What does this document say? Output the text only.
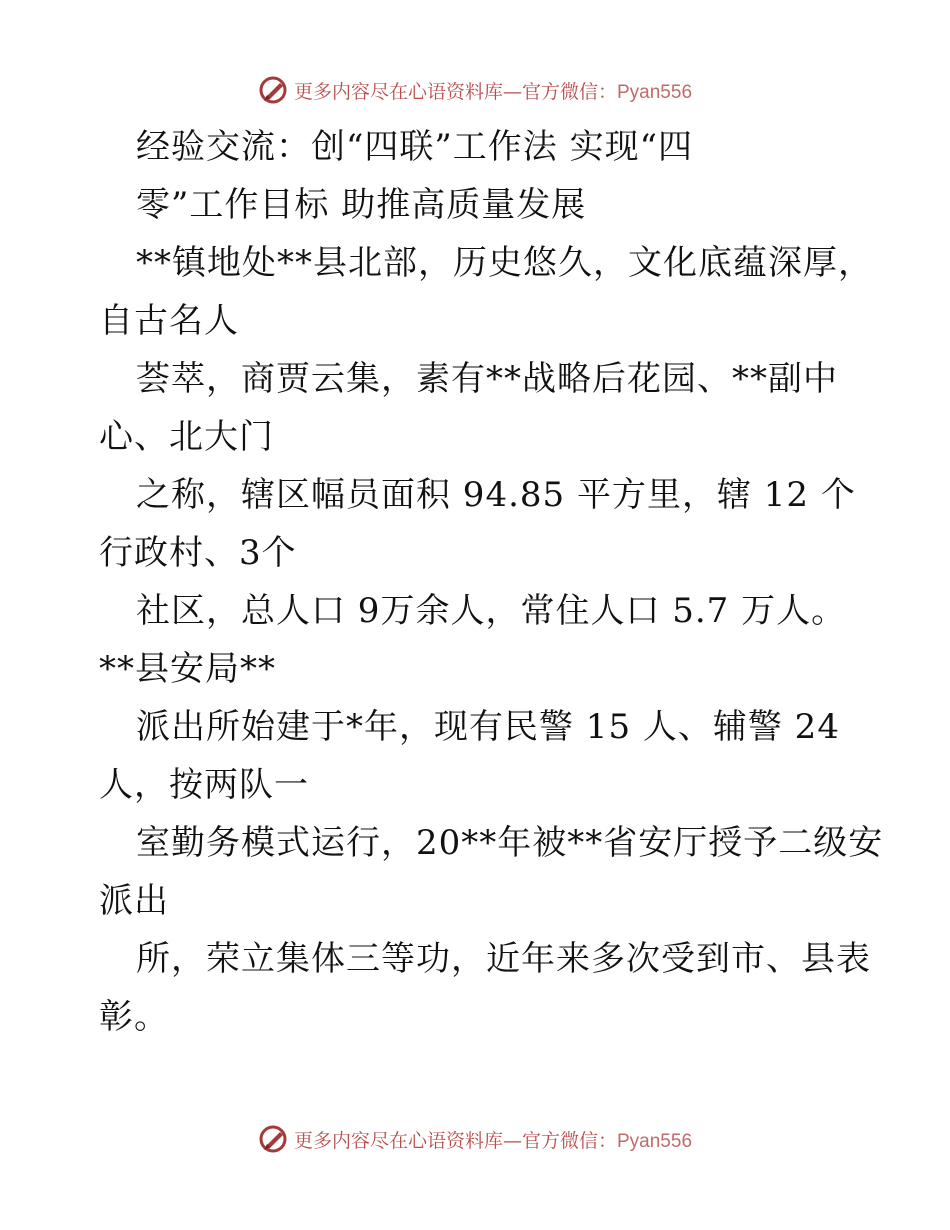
更多内容尽在心语资料库—官方微信：Pyan556
经验交流：创“四联”工作法 实现“四
零”工作目标 助推高质量发展
**镇地处**县北部，历史悠久，文化底蕴深厚，
自古名人
荟萃，商贾云集，素有**战略后花园、**副中
心、北大门
之称，辖区幅员面积 94.85 平方里，辖 12 个
行政村、3个
社区，总人口 9万余人，常住人口 5.7 万人。
**县安局**
派出所始建于*年，现有民警 15 人、辅警 24
人，按两队一
室勤务模式运行，20**年被**省安厅授予二级安
派出
所，荣立集体三等功，近年来多次受到市、县表
彰。
更多内容尽在心语资料库—官方微信：Pyan556
